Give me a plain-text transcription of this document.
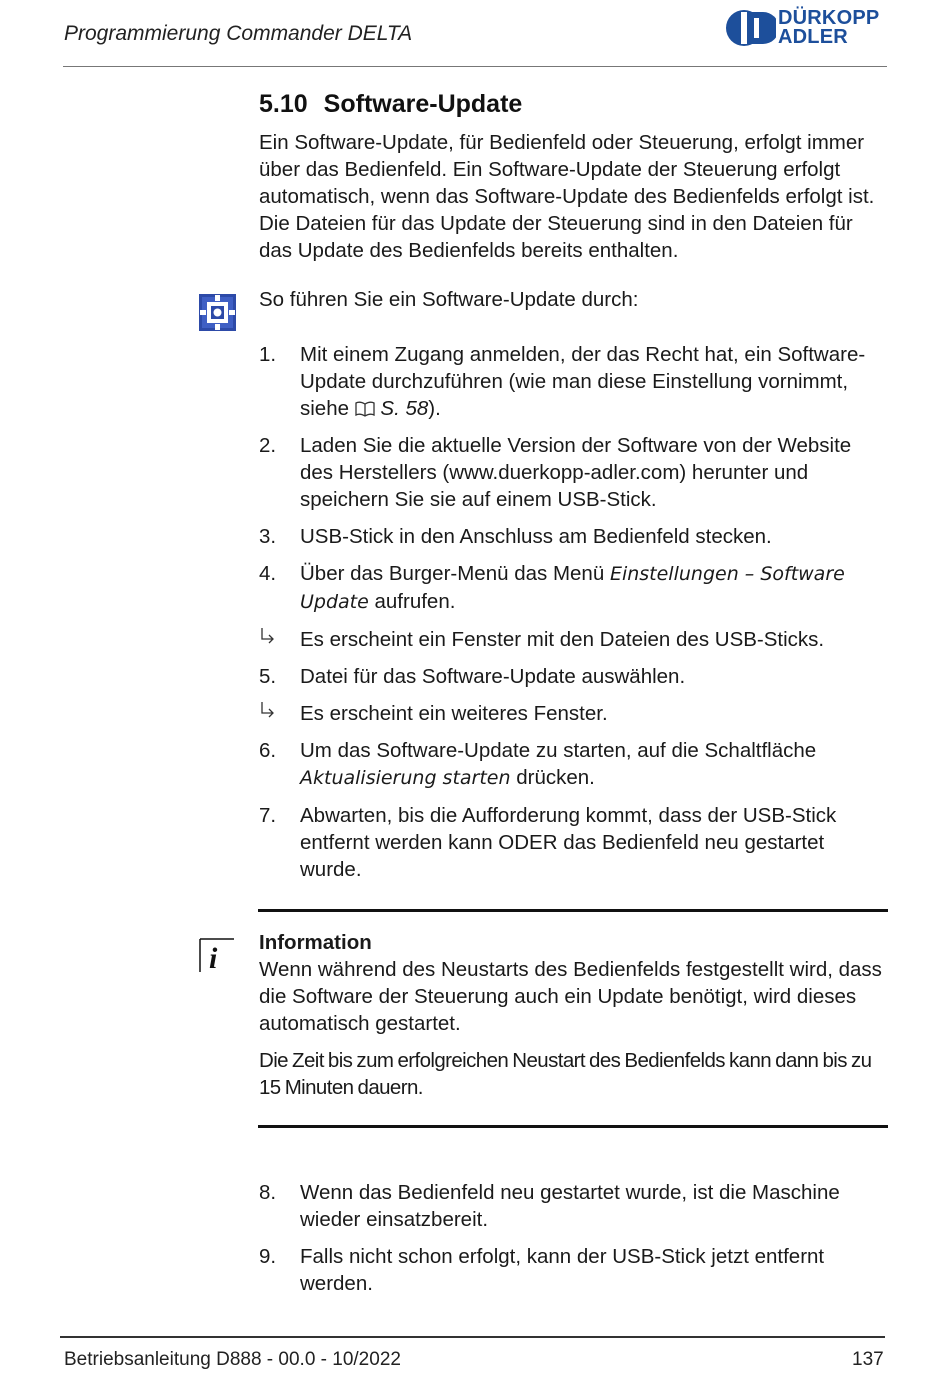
Programmierung Commander DELTA
DÜRKOPP
ADLER
5.10 Software-Update
Ein Software-Update, für Bedienfeld oder Steuerung, erfolgt immer über das Bedienfeld. Ein Software-Update der Steuerung erfolgt automatisch, wenn das Software-Update des Bedienfelds erfolgt ist. Die Dateien für das Update der Steuerung sind in den Dateien für das Update des Bedienfelds bereits enthalten.
So führen Sie ein Software-Update durch:
1.	Mit einem Zugang anmelden, der das Recht hat, ein Software-Update durchzuführen (wie man diese Einstellung vornimmt, siehe  S. 58).
2.	Laden Sie die aktuelle Version der Software von der Website des Herstellers (www.duerkopp-adler.com) herunter und speichern Sie sie auf einem USB-Stick.
3.	USB-Stick in den Anschluss am Bedienfeld stecken.
4.	Über das Burger-Menü das Menü Einstellungen – Software Update aufrufen.
Es erscheint ein Fenster mit den Dateien des USB-Sticks.
5.	Datei für das Software-Update auswählen.
Es erscheint ein weiteres Fenster.
6.	Um das Software-Update zu starten, auf die Schaltfläche Aktualisierung starten drücken.
7.	Abwarten, bis die Aufforderung kommt, dass der USB-Stick entfernt werden kann ODER das Bedienfeld neu gestartet wurde.
i Information

Wenn während des Neustarts des Bedienfelds festgestellt wird, dass die Software der Steuerung auch ein Update benötigt, wird dieses automatisch gestartet.

Die Zeit bis zum erfolgreichen Neustart des Bedienfelds kann dann bis zu 15 Minuten dauern.

8.	Wenn das Bedienfeld neu gestartet wurde, ist die Maschine wieder einsatzbereit.
9.	Falls nicht schon erfolgt, kann der USB-Stick jetzt entfernt werden.
Betriebsanleitung D888 - 00.0 - 10/2022	137
